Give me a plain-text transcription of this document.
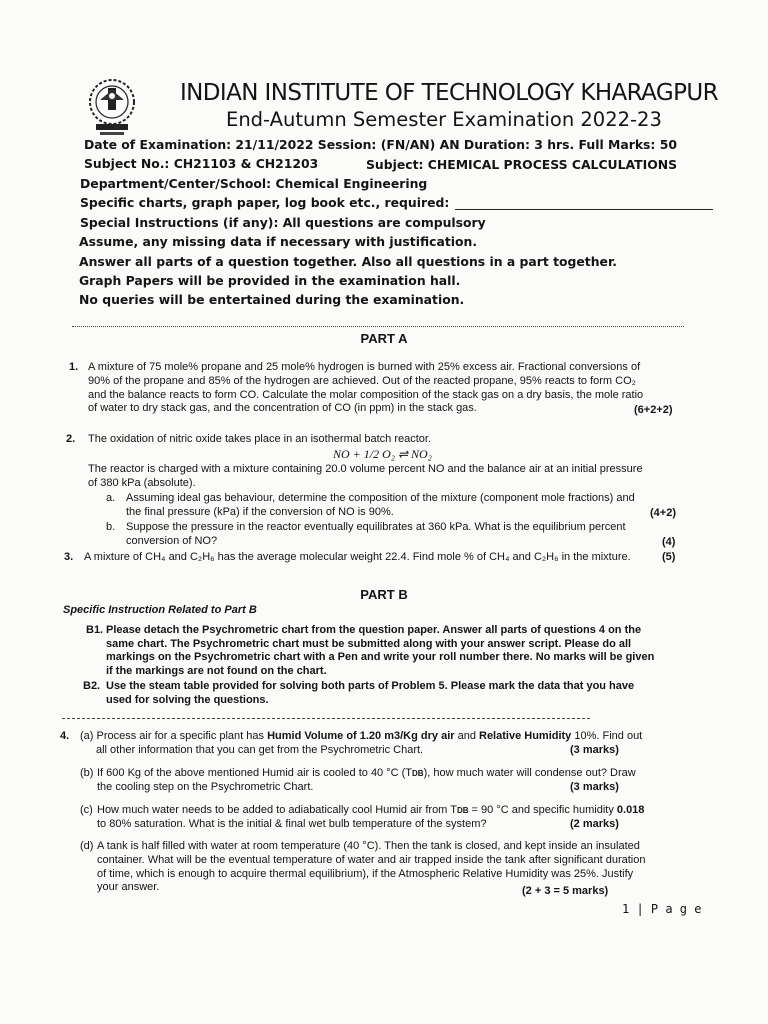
INDIAN INSTITUTE OF TECHNOLOGY KHARAGPUR
End-Autumn Semester Examination 2022-23
Date of Examination: 21/11/2022 Session: (FN/AN) AN Duration: 3 hrs. Full Marks: 50
Subject No.: CH21103 & CH21203	Subject: CHEMICAL PROCESS CALCULATIONS
Department/Center/School: Chemical Engineering
Specific charts, graph paper, log book etc., required:
Special Instructions (if any): All questions are compulsory
Assume, any missing data if necessary with justification.
Answer all parts of a question together. Also all questions in a part together.
Graph Papers will be provided in the examination hall.
No queries will be entertained during the examination.
PART A
1. A mixture of 75 mole% propane and 25 mole% hydrogen is burned with 25% excess air. Fractional conversions of
90% of the propane and 85% of the hydrogen are achieved. Out of the reacted propane, 95% reacts to form CO₂
and the balance reacts to form CO. Calculate the molar composition of the stack gas on a dry basis, the mole ratio
of water to dry stack gas, and the concentration of CO (in ppm) in the stack gas.	(6+2+2)
2. The oxidation of nitric oxide takes place in an isothermal batch reactor.
NO + 1/2 O₂ ⇌ NO₂
The reactor is charged with a mixture containing 20.0 volume percent NO and the balance air at an initial pressure
of 380 kPa (absolute).
a. Assuming ideal gas behaviour, determine the composition of the mixture (component mole fractions) and
the final pressure (kPa) if the conversion of NO is 90%.	(4+2)
b. Suppose the pressure in the reactor eventually equilibrates at 360 kPa. What is the equilibrium percent
conversion of NO?	(4)
3. A mixture of CH₄ and C₂H₆ has the average molecular weight 22.4. Find mole % of CH₄ and C₂H₆ in the mixture.	(5)
PART B
Specific Instruction Related to Part B
B1. Please detach the Psychrometric chart from the question paper. Answer all parts of questions 4 on the
same chart. The Psychrometric chart must be submitted along with your answer script. Please do all
markings on the Psychrometric chart with a Pen and write your roll number there. No marks will be given
if the markings are not found on the chart.
B2. Use the steam table provided for solving both parts of Problem 5. Please mark the data that you have
used for solving the questions.
4. (a) Process air for a specific plant has Humid Volume of 1.20 m3/Kg dry air and Relative Humidity 10%. Find out
all other information that you can get from the Psychrometric Chart.	(3 marks)
(b) If 600 Kg of the above mentioned Humid air is cooled to 40 °C (TDB), how much water will condense out? Draw
the cooling step on the Psychrometric Chart.	(3 marks)
(c) How much water needs to be added to adiabatically cool Humid air from TDB = 90 °C and specific humidity 0.018
to 80% saturation. What is the initial & final wet bulb temperature of the system?	(2 marks)
(d) A tank is half filled with water at room temperature (40 °C). Then the tank is closed, and kept inside an insulated
container. What will be the eventual temperature of water and air trapped inside the tank after significant duration
of time, which is enough to acquire thermal equilibrium), if the Atmospheric Relative Humidity was 25%. Justify
your answer.	(2 + 3 = 5 marks)
1 | P a g e
